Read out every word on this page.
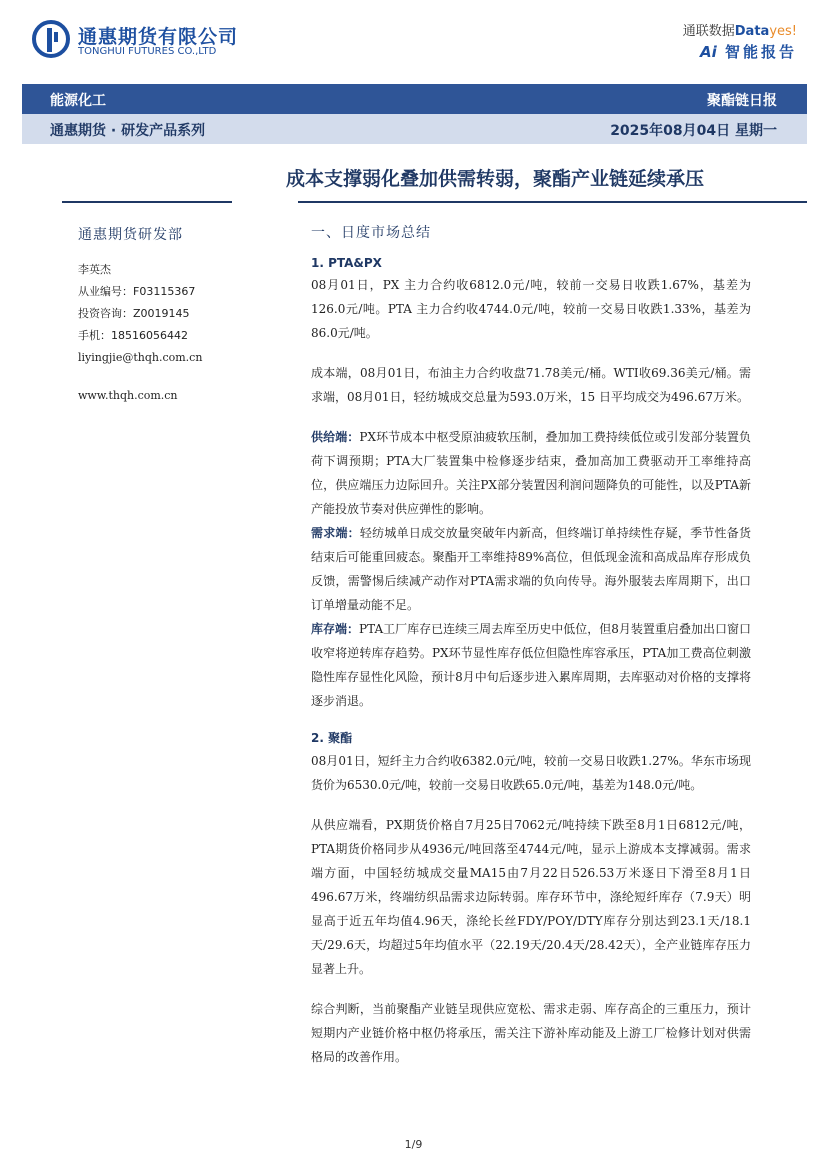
通惠期货有限公司
TONGHUI FUTURES CO.,LTD
通联数据Datayes!
Ai 智能报告
能源化工	聚酯链日报
通惠期货 · 研发产品系列	2025年08月04日 星期一
成本支撑弱化叠加供需转弱，聚酯产业链延续承压
通惠期货研发部
李英杰
从业编号：F03115367
投资咨询：Z0019145
手机：18516056442
liyingjie@thqh.com.cn
www.thqh.com.cn
一、日度市场总结
1. PTA&PX

08月01日，PX 主力合约收6812.0元/吨，较前一交易日收跌1.67%，基差为126.0元/吨。PTA 主力合约收4744.0元/吨，较前一交易日收跌1.33%，基差为86.0元/吨。

成本端，08月01日，布油主力合约收盘71.78美元/桶。WTI收69.36美元/桶。需求端，08月01日，轻纺城成交总量为593.0万米，15 日平均成交为496.67万米。

供给端：PX环节成本中枢受原油疲软压制，叠加加工费持续低位或引发部分装置负荷下调预期；PTA大厂装置集中检修逐步结束，叠加高加工费驱动开工率维持高位，供应端压力边际回升。关注PX部分装置因利润问题降负的可能性，以及PTA新产能投放节奏对供应弹性的影响。

需求端：轻纺城单日成交放量突破年内新高，但终端订单持续性存疑，季节性备货结束后可能重回疲态。聚酯开工率维持89%高位，但低现金流和高成品库存形成负反馈，需警惕后续减产动作对PTA需求端的负向传导。海外服装去库周期下，出口订单增量动能不足。

库存端：PTA工厂库存已连续三周去库至历史中低位，但8月装置重启叠加出口窗口收窄将逆转库存趋势。PX环节显性库存低位但隐性库容承压，PTA加工费高位刺激隐性库存显性化风险，预计8月中旬后逐步进入累库周期，去库驱动对价格的支撑将逐步消退。

2. 聚酯

08月01日，短纤主力合约收6382.0元/吨，较前一交易日收跌1.27%。华东市场现货价为6530.0元/吨，较前一交易日收跌65.0元/吨，基差为148.0元/吨。

从供应端看，PX期货价格自7月25日7062元/吨持续下跌至8月1日6812元/吨，PTA期货价格同步从4936元/吨回落至4744元/吨，显示上游成本支撑减弱。需求端方面，中国轻纺城成交量MA15由7月22日526.53万米逐日下滑至8月1日496.67万米，终端纺织品需求边际转弱。库存环节中，涤纶短纤库存（7.9天）明显高于近五年均值4.96天，涤纶长丝FDY/POY/DTY库存分别达到23.1天/18.1天/29.6天，均超过5年均值水平（22.19天/20.4天/28.42天），全产业链库存压力显著上升。

综合判断，当前聚酯产业链呈现供应宽松、需求走弱、库存高企的三重压力，预计短期内产业链价格中枢仍将承压，需关注下游补库动能及上游工厂检修计划对供需格局的改善作用。

1/9
